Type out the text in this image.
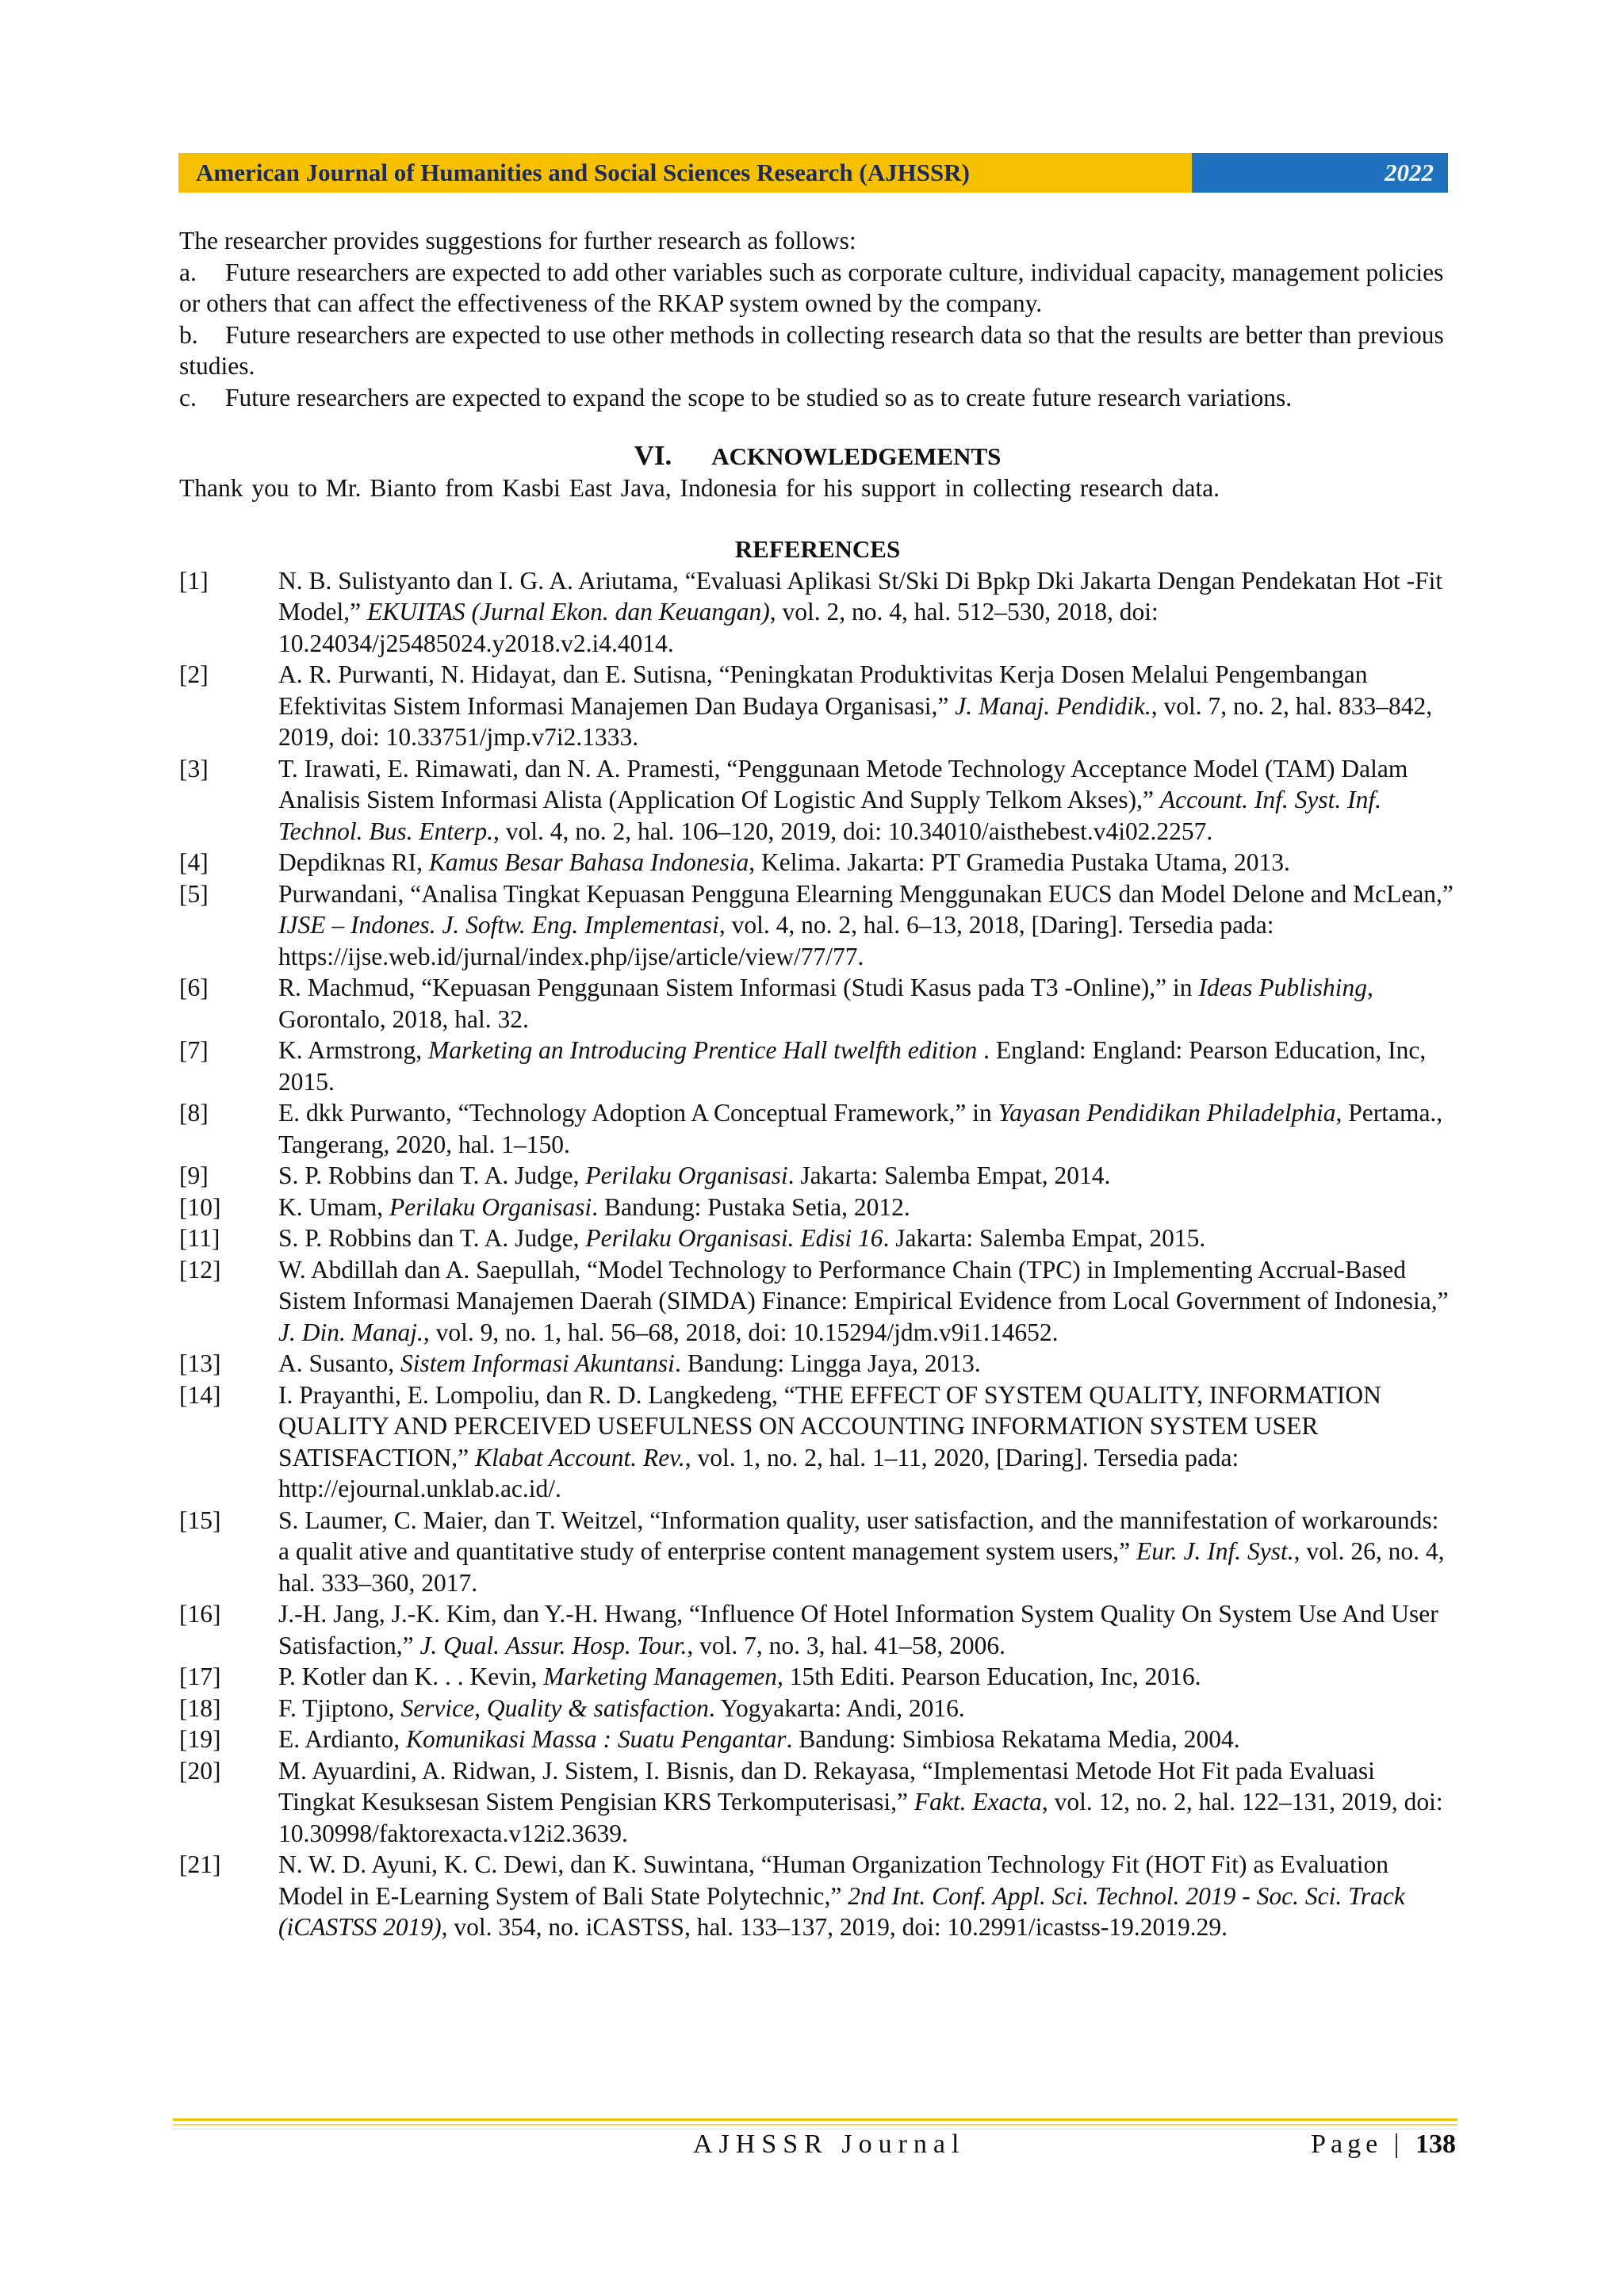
American Journal of Humanities and Social Sciences Research (AJHSSR)	2022

The researcher provides suggestions for further research as follows:

a. Future researchers are expected to add other variables such as corporate culture, individual capacity, management policies or others that can affect the effectiveness of the RKAP system owned by the company.

b. Future researchers are expected to use other methods in collecting research data so that the results are better than previous studies.

c. Future researchers are expected to expand the scope to be studied so as to create future research variations.

VI. ACKNOWLEDGEMENTS

Thank you to Mr. Bianto from Kasbi East Java, Indonesia for his support in collecting research data.

REFERENCES

[1]	N. B. Sulistyanto dan I. G. A. Ariutama, “Evaluasi Aplikasi St/Ski Di Bpkp Dki Jakarta Dengan Pendekatan Hot -Fit Model,” EKUITAS (Jurnal Ekon. dan Keuangan), vol. 2, no. 4, hal. 512–530, 2018, doi: 10.24034/j25485024.y2018.v2.i4.4014.
[2]	A. R. Purwanti, N. Hidayat, dan E. Sutisna, “Peningkatan Produktivitas Kerja Dosen Melalui Pengembangan Efektivitas Sistem Informasi Manajemen Dan Budaya Organisasi,” J. Manaj. Pendidik., vol. 7, no. 2, hal. 833–842, 2019, doi: 10.33751/jmp.v7i2.1333.
[3]	T. Irawati, E. Rimawati, dan N. A. Pramesti, “Penggunaan Metode Technology Acceptance Model (TAM) Dalam Analisis Sistem Informasi Alista (Application Of Logistic And Supply Telkom Akses),” Account. Inf. Syst. Inf. Technol. Bus. Enterp., vol. 4, no. 2, hal. 106–120, 2019, doi: 10.34010/aisthebest.v4i02.2257.
[4]	Depdiknas RI, Kamus Besar Bahasa Indonesia, Kelima. Jakarta: PT Gramedia Pustaka Utama, 2013.
[5]	Purwandani, “Analisa Tingkat Kepuasan Pengguna Elearning Menggunakan EUCS dan Model Delone and McLean,” IJSE – Indones. J. Softw. Eng. Implementasi, vol. 4, no. 2, hal. 6–13, 2018, [Daring]. Tersedia pada: https://ijse.web.id/jurnal/index.php/ijse/article/view/77/77.
[6]	R. Machmud, “Kepuasan Penggunaan Sistem Informasi (Studi Kasus pada T3 -Online),” in Ideas Publishing, Gorontalo, 2018, hal. 32.
[7]	K. Armstrong, Marketing an Introducing Prentice Hall twelfth edition . England: England: Pearson Education, Inc, 2015.
[8]	E. dkk Purwanto, “Technology Adoption A Conceptual Framework,” in Yayasan Pendidikan Philadelphia, Pertama., Tangerang, 2020, hal. 1–150.
[9]	S. P. Robbins dan T. A. Judge, Perilaku Organisasi. Jakarta: Salemba Empat, 2014.
[10]	K. Umam, Perilaku Organisasi. Bandung: Pustaka Setia, 2012.
[11]	S. P. Robbins dan T. A. Judge, Perilaku Organisasi. Edisi 16. Jakarta: Salemba Empat, 2015.
[12]	W. Abdillah dan A. Saepullah, “Model Technology to Performance Chain (TPC) in Implementing Accrual-Based Sistem Informasi Manajemen Daerah (SIMDA) Finance: Empirical Evidence from Local Government of Indonesia,” J. Din. Manaj., vol. 9, no. 1, hal. 56–68, 2018, doi: 10.15294/jdm.v9i1.14652.
[13]	A. Susanto, Sistem Informasi Akuntansi. Bandung: Lingga Jaya, 2013.
[14]	I. Prayanthi, E. Lompoliu, dan R. D. Langkedeng, “THE EFFECT OF SYSTEM QUALITY, INFORMATION QUALITY AND PERCEIVED USEFULNESS ON ACCOUNTING INFORMATION SYSTEM USER SATISFACTION,” Klabat Account. Rev., vol. 1, no. 2, hal. 1–11, 2020, [Daring]. Tersedia pada: http://ejournal.unklab.ac.id/.
[15]	S. Laumer, C. Maier, dan T. Weitzel, “Information quality, user satisfaction, and the mannifestation of workarounds: a qualit ative and quantitative study of enterprise content management system users,” Eur. J. Inf. Syst., vol. 26, no. 4, hal. 333–360, 2017.
[16]	J.-H. Jang, J.-K. Kim, dan Y.-H. Hwang, “Influence Of Hotel Information System Quality On System Use And User Satisfaction,” J. Qual. Assur. Hosp. Tour., vol. 7, no. 3, hal. 41–58, 2006.
[17]	P. Kotler dan K. . . Kevin, Marketing Managemen, 15th Editi. Pearson Education, Inc, 2016.
[18]	F. Tjiptono, Service, Quality & satisfaction. Yogyakarta: Andi, 2016.
[19]	E. Ardianto, Komunikasi Massa : Suatu Pengantar. Bandung: Simbiosa Rekatama Media, 2004.
[20]	M. Ayuardini, A. Ridwan, J. Sistem, I. Bisnis, dan D. Rekayasa, “Implementasi Metode Hot Fit pada Evaluasi Tingkat Kesuksesan Sistem Pengisian KRS Terkomputerisasi,” Fakt. Exacta, vol. 12, no. 2, hal. 122–131, 2019, doi: 10.30998/faktorexacta.v12i2.3639.
[21]	N. W. D. Ayuni, K. C. Dewi, dan K. Suwintana, “Human Organization Technology Fit (HOT Fit) as Evaluation Model in E-Learning System of Bali State Polytechnic,” 2nd Int. Conf. Appl. Sci. Technol. 2019 - Soc. Sci. Track (iCASTSS 2019), vol. 354, no. iCASTSS, hal. 133–137, 2019, doi: 10.2991/icastss-19.2019.29.
AJHSSR Journal	Page | 138
